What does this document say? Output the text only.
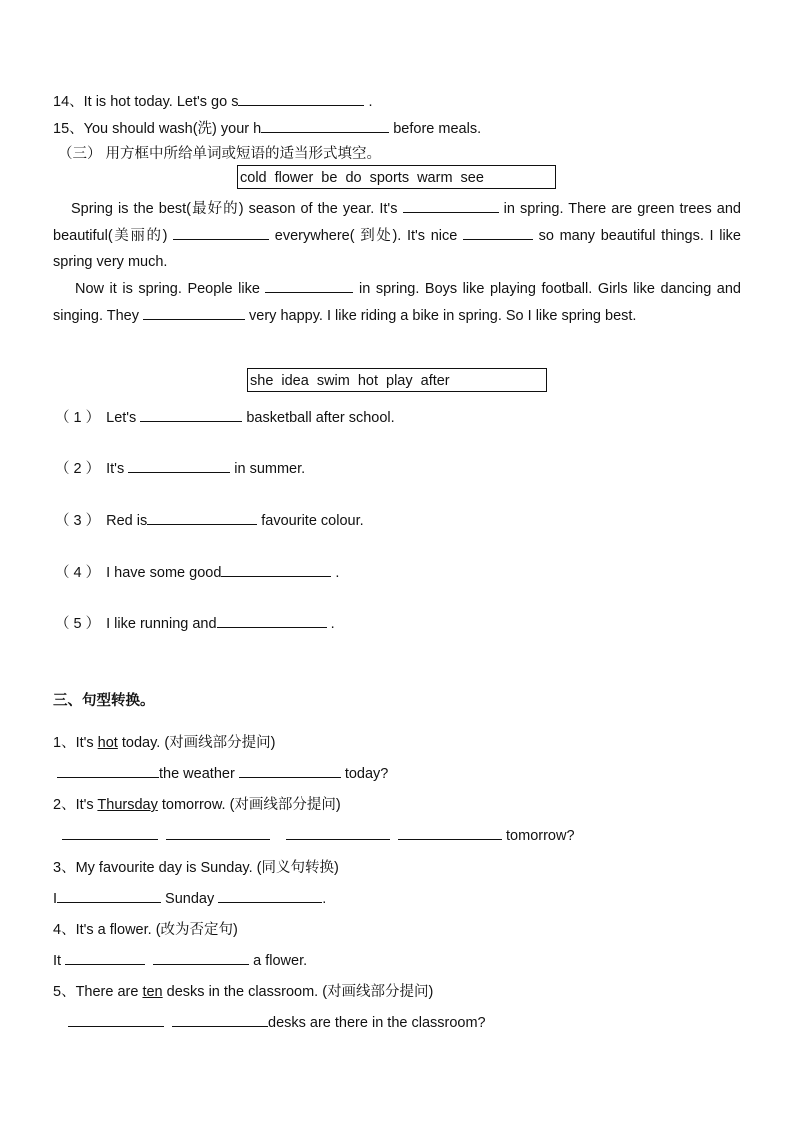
14、It is hot today. Let's go s	.
15、You should wash(洗) your h	before meals.
（三） 用方框中所给单词或短语的适当形式填空。
cold flower be do sports warm see
Spring is the best(最好的) season of the year. It's	in spring. There are green trees and beautiful(美丽的)	everywhere( 到处). It's nice	so many beautiful things. I like spring very much.
Now it is spring. People like	in spring. Boys like playing football. Girls like dancing and singing. They	very happy. I like riding a bike in spring. So I like spring best.
she idea swim hot play after
（ 1 ） Let's	basketball after school.
（ 2 ） It's	in summer.
（ 3 ） Red is	favourite colour.
（ 4 ） I have some good	.
（ 5 ） I like running and	.
三、句型转换。
1、It's hot today. (对画线部分提问)
the weather	today?
2、It's Thursday tomorrow. (对画线部分提问)
tomorrow?
3、My favourite day is Sunday. (同义句转换)
I	Sunday	.
4、It's a flower. (改为否定句)
It	a flower.
5、There are ten desks in the classroom. (对画线部分提问)
desks are there in the classroom?
